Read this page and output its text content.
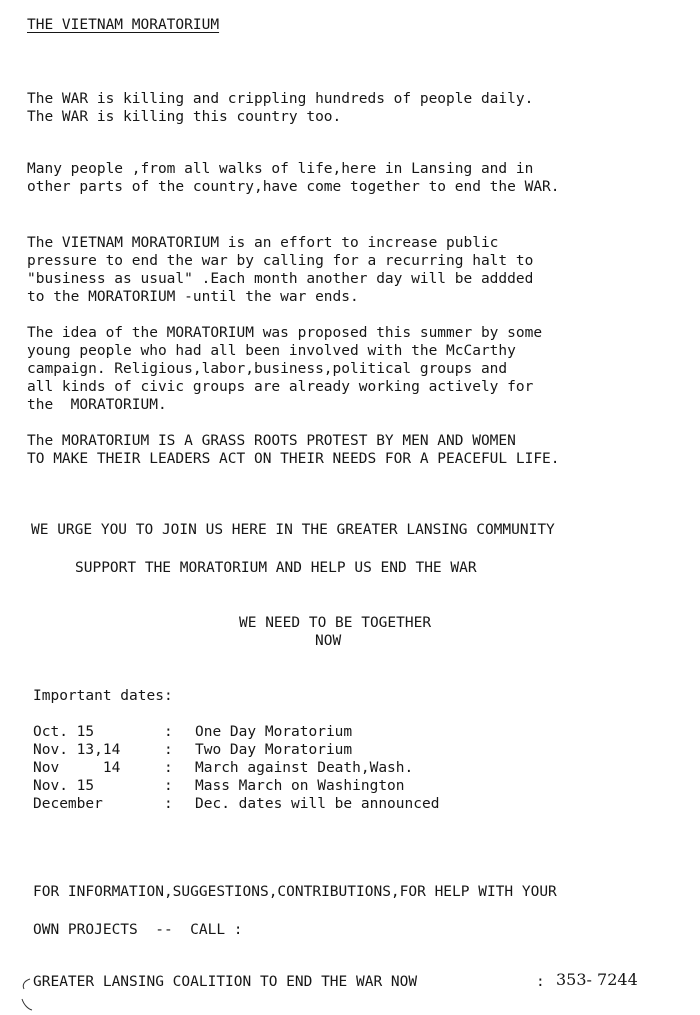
THE VIETNAM MORATORIUM

The WAR is killing and crippling hundreds of people daily.

The WAR is killing this country too.

Many people ,from all walks of life,here in Lansing and in

other parts of the country,have come together to end the WAR.

The VIETNAM MORATORIUM is an effort to increase public

pressure to end the war by calling for a recurring halt to

"business as usual" .Each month another day will be addded

to the MORATORIUM -until the war ends.

The idea of the MORATORIUM was proposed this summer by some

young people who had all been involved with the McCarthy

campaign. Religious,labor,business,political groups and

all kinds of civic groups are already working actively for

the  MORATORIUM.

The MORATORIUM IS A GRASS ROOTS PROTEST BY MEN AND WOMEN

TO MAKE THEIR LEADERS ACT ON THEIR NEEDS FOR A PEACEFUL LIFE.

WE URGE YOU TO JOIN US HERE IN THE GREATER LANSING COMMUNITY

SUPPORT THE MORATORIUM AND HELP US END THE WAR

WE NEED TO BE TOGETHER

NOW

Important dates:

Oct. 15	: One Day Moratorium
Nov. 13,14	: Two Day Moratorium
Nov     14	: March against Death,Wash.
Nov. 15	: Mass March on Washington
December	: Dec. dates will be announced

FOR INFORMATION,SUGGESTIONS,CONTRIBUTIONS,FOR HELP WITH YOUR

OWN PROJECTS  --  CALL :

GREATER LANSING COALITION TO END THE WAR NOW	: 353- 7244
